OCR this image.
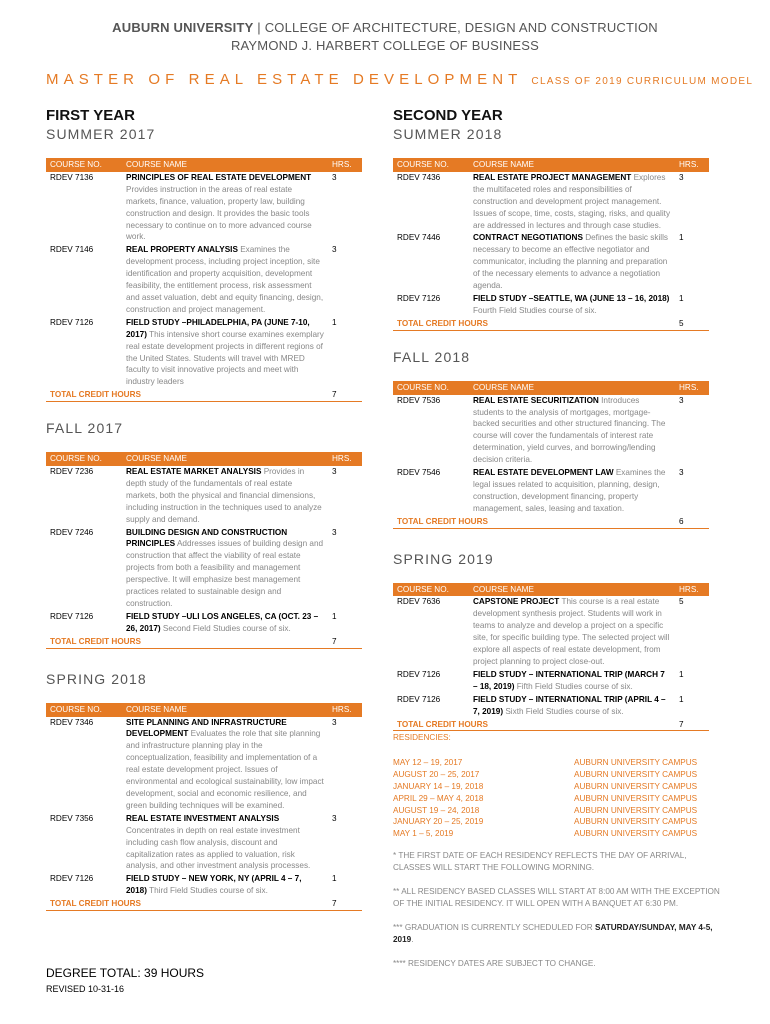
AUBURN UNIVERSITY | COLLEGE OF ARCHITECTURE, DESIGN AND CONSTRUCTION
RAYMOND J. HARBERT COLLEGE OF BUSINESS
MASTER OF REAL ESTATE DEVELOPMENT CLASS OF 2019 CURRICULUM MODEL
FIRST YEAR
SUMMER 2017
COURSE NO.	COURSE NAME	HRS.
RDEV 7136	PRINCIPLES OF REAL ESTATE DEVELOPMENT Provides instruction in the areas of real estate markets, finance, valuation, property law, building construction and design. It provides the basic tools necessary to continue on to more advanced course work.	3
RDEV 7146	REAL PROPERTY ANALYSIS Examines the development process, including project inception, site identification and property acquisition, development feasibility, the entitlement process, risk assessment and asset valuation, debt and equity financing, design, construction and project management.	3
RDEV 7126	FIELD STUDY –PHILADELPHIA, PA (JUNE 7-10, 2017) This intensive short course examines exemplary real estate development projects in different regions of the United States. Students will travel with MRED faculty to visit innovative projects and meet with industry leaders	1
TOTAL CREDIT HOURS		7
FALL 2017
COURSE NO.	COURSE NAME	HRS.
RDEV 7236	REAL ESTATE MARKET ANALYSIS Provides in depth study of the fundamentals of real estate markets, both the physical and financial dimensions, including instruction in the techniques used to analyze supply and demand.	3
RDEV 7246	BUILDING DESIGN AND CONSTRUCTION PRINCIPLES Addresses issues of building design and construction that affect the viability of real estate projects from both a feasibility and management perspective. It will emphasize best management practices related to sustainable design and construction.	3
RDEV 7126	FIELD STUDY –ULI LOS ANGELES, CA (OCT. 23 – 26, 2017) Second Field Studies course of six.	1
TOTAL CREDIT HOURS		7
SPRING 2018
COURSE NO.	COURSE NAME	HRS.
RDEV 7346	SITE PLANNING AND INFRASTRUCTURE DEVELOPMENT Evaluates the role that site planning and infrastructure planning play in the conceptualization, feasibility and implementation of a real estate development project. Issues of environmental and ecological sustainability, low impact development, social and economic resilience, and green building techniques will be examined.	3
RDEV 7356	REAL ESTATE INVESTMENT ANALYSIS Concentrates in depth on real estate investment including cash flow analysis, discount and capitalization rates as applied to valuation, risk analysis, and other investment analysis processes.	3
RDEV 7126	FIELD STUDY – NEW YORK, NY (APRIL 4 – 7, 2018) Third Field Studies course of six.	1
TOTAL CREDIT HOURS		7
SECOND YEAR
SUMMER 2018
COURSE NO.	COURSE NAME	HRS.
RDEV 7436	REAL ESTATE PROJECT MANAGEMENT Explores the multifaceted roles and responsibilities of construction and development project management. Issues of scope, time, costs, staging, risks, and quality are addressed in lectures and through case studies.	3
RDEV 7446	CONTRACT NEGOTIATIONS Defines the basic skills necessary to become an effective negotiator and communicator, including the planning and preparation of the necessary elements to advance a negotiation agenda.	1
RDEV 7126	FIELD STUDY –SEATTLE, WA (JUNE 13 – 16, 2018) Fourth Field Studies course of six.	1
TOTAL CREDIT HOURS		5
FALL 2018
COURSE NO.	COURSE NAME	HRS.
RDEV 7536	REAL ESTATE SECURITIZATION Introduces students to the analysis of mortgages, mortgage-backed securities and other structured financing. The course will cover the fundamentals of interest rate determination, yield curves, and borrowing/lending decision criteria.	3
RDEV 7546	REAL ESTATE DEVELOPMENT LAW Examines the legal issues related to acquisition, planning, design, construction, development financing, property management, sales, leasing and taxation.	3
TOTAL CREDIT HOURS		6
SPRING 2019
COURSE NO.	COURSE NAME	HRS.
RDEV 7636	CAPSTONE PROJECT This course is a real estate development synthesis project. Students will work in teams to analyze and develop a project on a specific site, for specific building type. The selected project will explore all aspects of real estate development, from project planning to project close-out.	5
RDEV 7126	FIELD STUDY – INTERNATIONAL TRIP (MARCH 7 – 18, 2019) Fifth Field Studies course of six.	1
RDEV 7126	FIELD STUDY – INTERNATIONAL TRIP (APRIL 4 – 7, 2019) Sixth Field Studies course of six.	1
TOTAL CREDIT HOURS		7
RESIDENCIES:
MAY 12 – 19, 2017	AUBURN UNIVERSITY CAMPUS
AUGUST 20 – 25, 2017	AUBURN UNIVERSITY CAMPUS
JANUARY 14 – 19, 2018	AUBURN UNIVERSITY CAMPUS
APRIL 29 – MAY 4, 2018	AUBURN UNIVERSITY CAMPUS
AUGUST 19 – 24, 2018	AUBURN UNIVERSITY CAMPUS
JANUARY 20 – 25, 2019	AUBURN UNIVERSITY CAMPUS
MAY 1 – 5, 2019	AUBURN UNIVERSITY CAMPUS
* THE FIRST DATE OF EACH RESIDENCY REFLECTS THE DAY OF ARRIVAL, CLASSES WILL START THE FOLLOWING MORNING.
** ALL RESIDENCY BASED CLASSES WILL START AT 8:00 AM WITH THE EXCEPTION OF THE INITIAL RESIDENCY. IT WILL OPEN WITH A BANQUET AT 6:30 PM.
*** GRADUATION IS CURRENTLY SCHEDULED FOR SATURDAY/SUNDAY, MAY 4-5, 2019.
**** RESIDENCY DATES ARE SUBJECT TO CHANGE.
DEGREE TOTAL: 39 HOURS
REVISED 10-31-16
